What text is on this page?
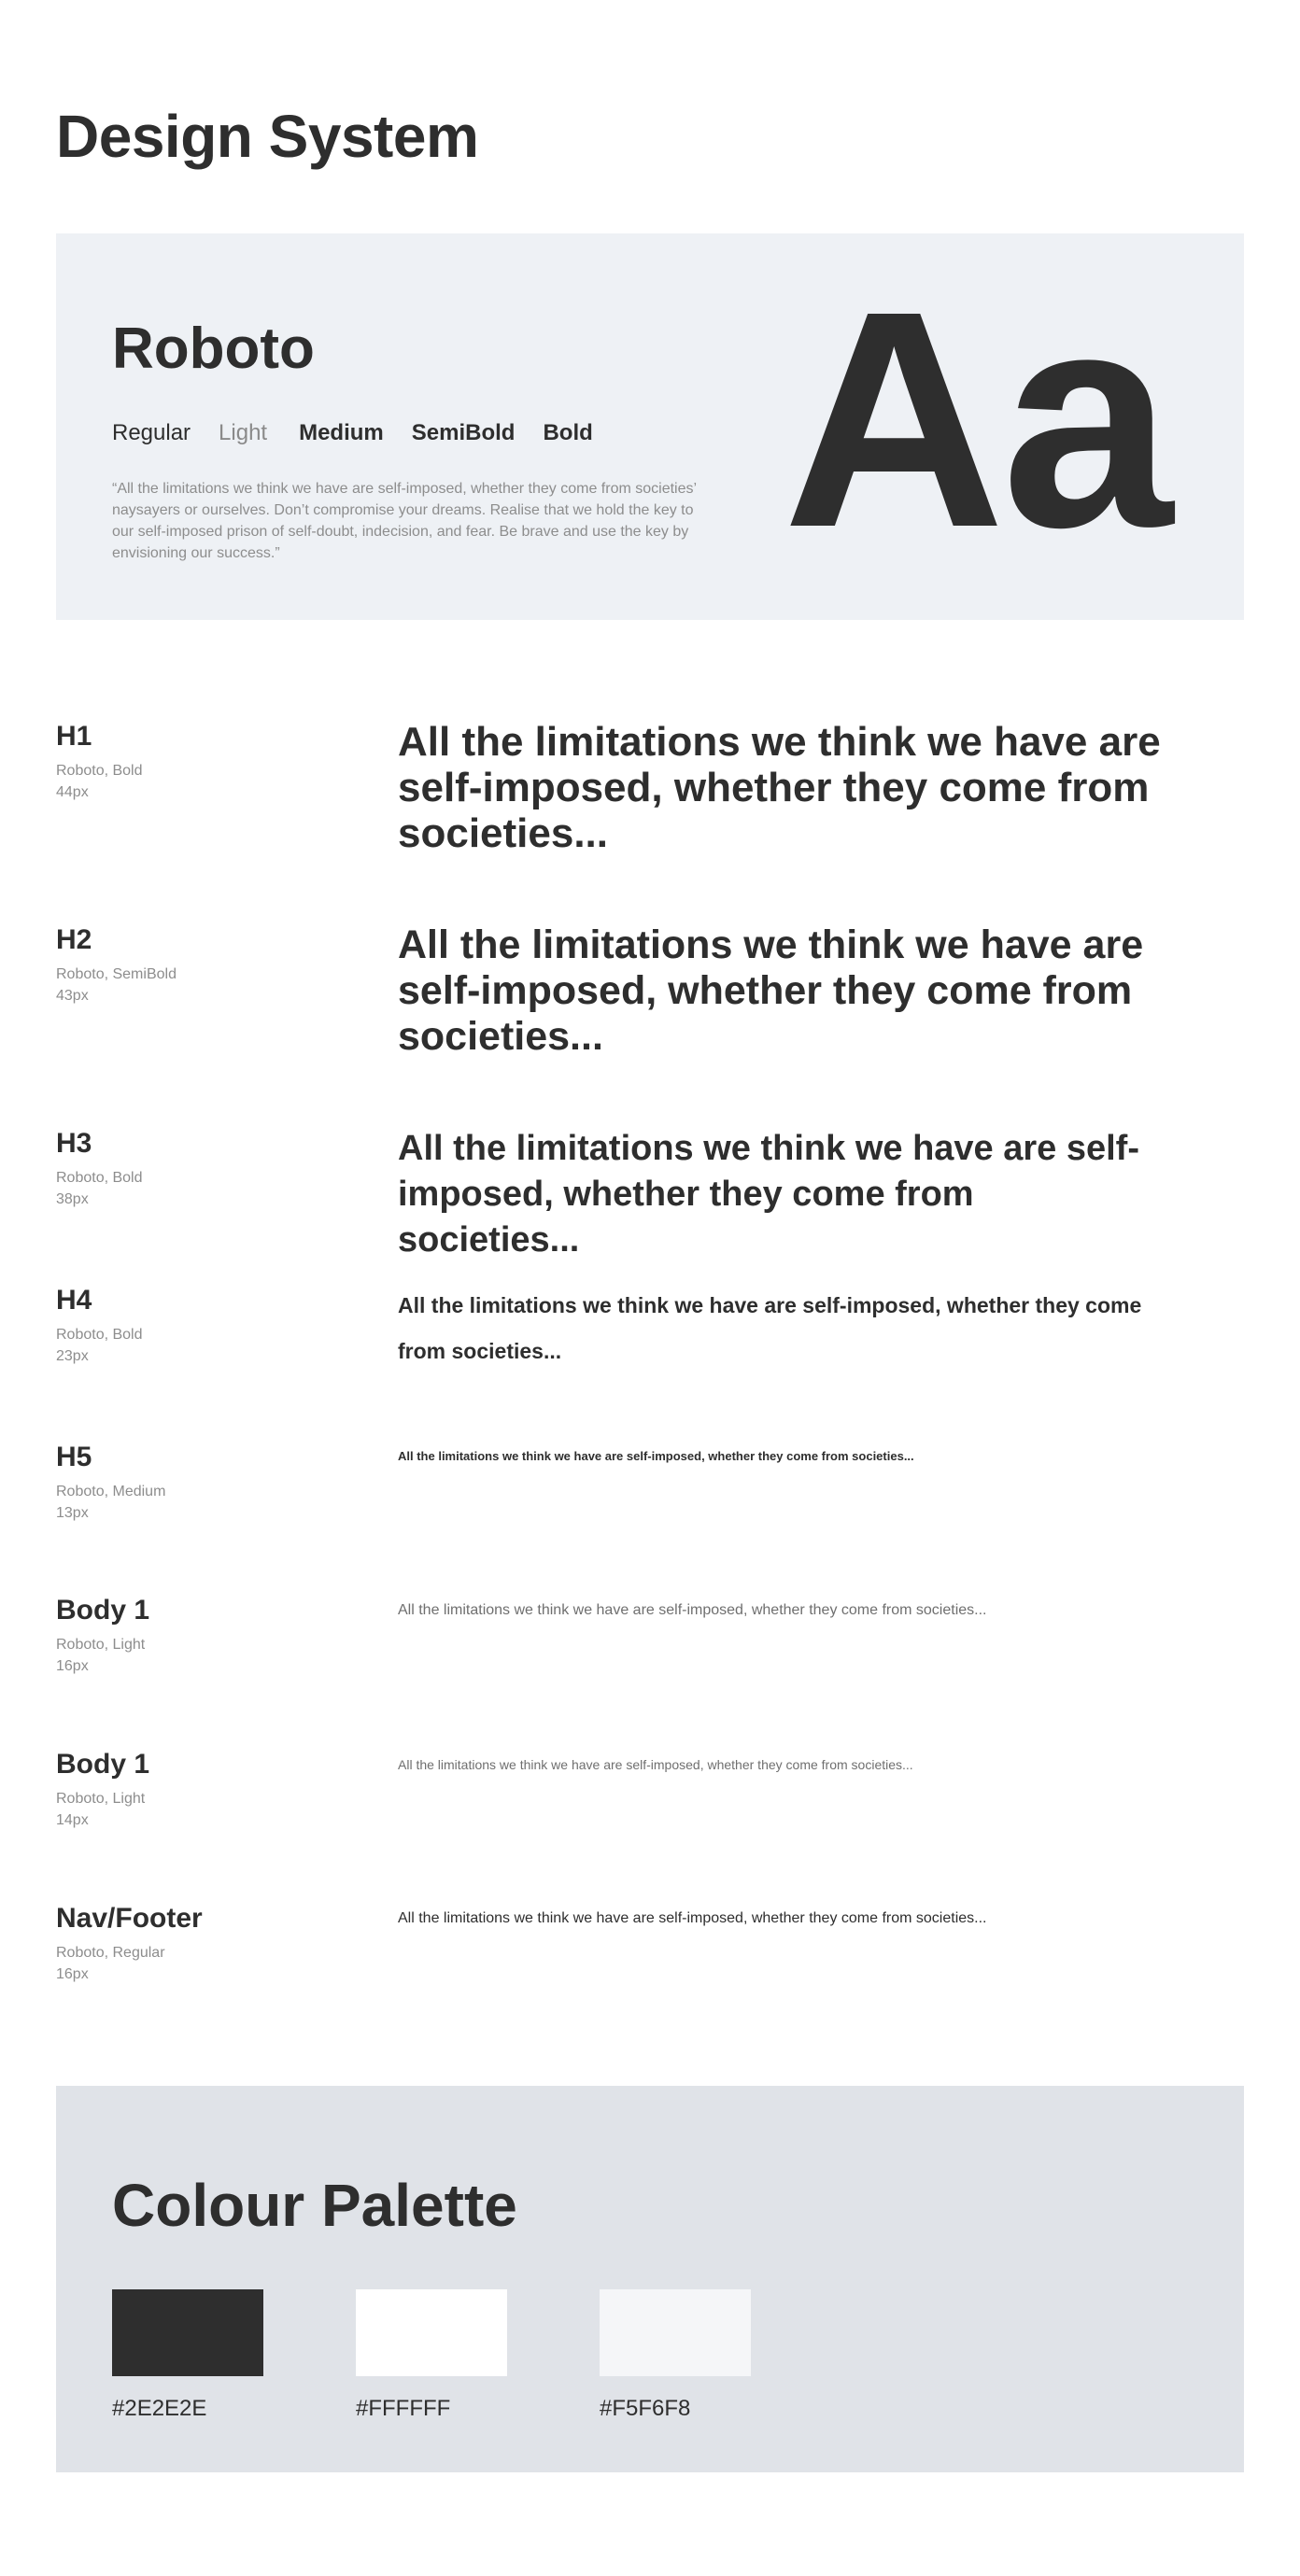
Design System
Roboto
Regular Light Medium SemiBold Bold

“All the limitations we think we have are self-imposed, whether they come from societies’ naysayers or ourselves. Don’t compromise your dreams. Realise that we hold the key to our self-imposed prison of self-doubt, indecision, and fear. Be brave and use the key by envisioning our success.”	Aa

H1

Roboto, Bold
44px

All the limitations we think we have are self-imposed, whether they come from societies...

H2

Roboto, SemiBold
43px

All the limitations we think we have are self-imposed, whether they come from societies...

H3

Roboto, Bold
38px

All the limitations we think we have are self-imposed, whether they come from societies...

H4

Roboto, Bold
23px

All the limitations we think we have are self-imposed, whether they come from societies...

H5

Roboto, Medium
13px

All the limitations we think we have are self-imposed, whether they come from societies...

Body 1

Roboto, Light
16px

All the limitations we think we have are self-imposed, whether they come from societies...

Body 1

Roboto, Light
14px

All the limitations we think we have are self-imposed, whether they come from societies...

Nav/Footer

Roboto, Regular
16px

All the limitations we think we have are self-imposed, whether they come from societies...

Colour Palette
#2E2E2E	#FFFFFF	#F5F6F8
